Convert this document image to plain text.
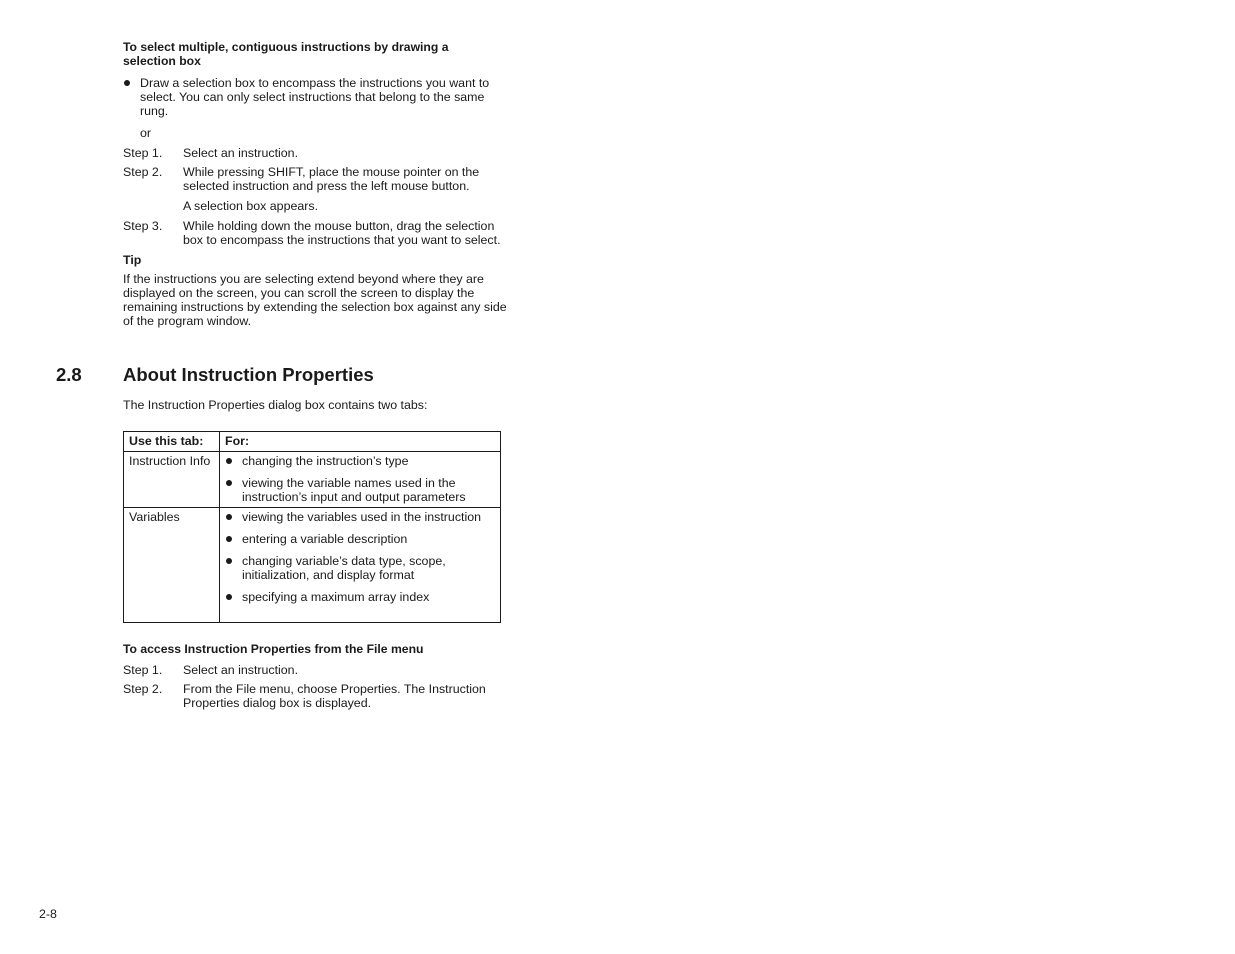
To select multiple, contiguous instructions by drawing a selection box

Draw a selection box to encompass the instructions you want to select. You can only select instructions that belong to the same rung.
or
Step 1.	Select an instruction.
Step 2.	While pressing SHIFT, place the mouse pointer on the selected instruction and press the left mouse button.
A selection box appears.
Step 3.	While holding down the mouse button, drag the selection box to encompass the instructions that you want to select.
Tip
If the instructions you are selecting extend beyond where they are displayed on the screen, you can scroll the screen to display the remaining instructions by extending the selection box against any side of the program window.
2.8 About Instruction Properties
The Instruction Properties dialog box contains two tabs:
Use this tab:	For:
Instruction Info	changing the instruction’s type
viewing the variable names used in the instruction’s input and output parameters

Variables	viewing the variables used in the instruction
entering a variable description
changing variable’s data type, scope, initialization, and display format
specifying a maximum array index

To access Instruction Properties from the File menu

Step 1.	Select an instruction.
Step 2.	From the File menu, choose Properties. The Instruction Properties dialog box is displayed.
2-8
